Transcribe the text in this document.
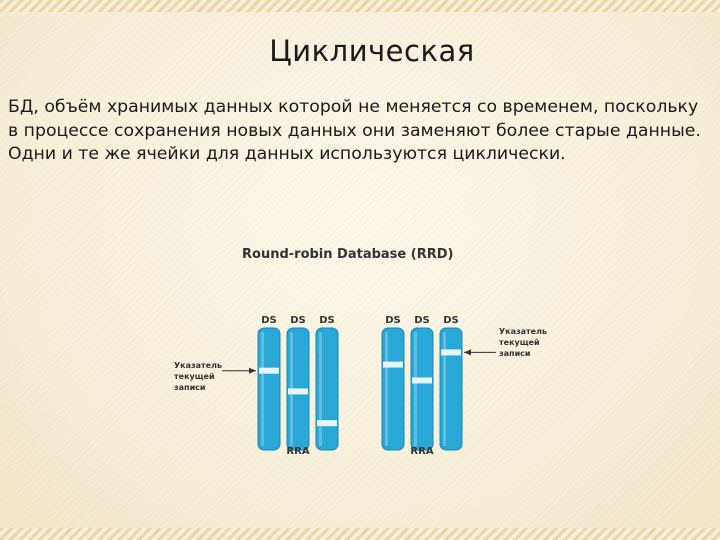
Циклическая

БД, объём хранимых данных которой не меняется со временем, поскольку в процессе сохранения новых данных они заменяют более старые данные. Одни и те же ячейки для данных используются циклически.

Round-robin Database (RRD)
DS DS DS
RRA
Указатель
текущей
записи
DS DS DS
RRA
Указатель
текущей
записи
